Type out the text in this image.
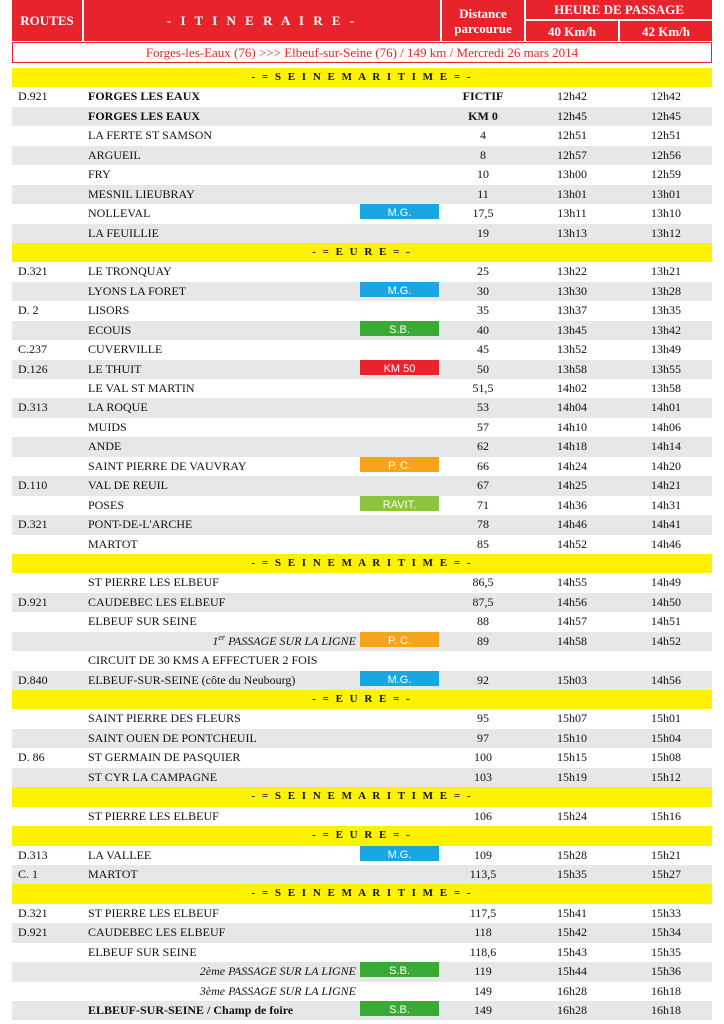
ROUTES	- I T I N E R A I R E -	Distance parcourue
HEURE DE PASSAGE
40 Km/h	42 Km/h
Forges-les-Eaux (76) >>> Elbeuf-sur-Seine (76) / 149 km / Mercredi 26 mars 2014
- = S E I N E M A R I T I M E = -
D.921	FORGES LES EAUX	FICTIF	12h42	12h42
FORGES LES EAUX	KM 0	12h45	12h45
LA FERTE ST SAMSON	4	12h51	12h51
ARGUEIL	8	12h57	12h56
FRY	10	13h00	12h59
MESNIL LIEUBRAY	11	13h01	13h01
NOLLEVAL	M.G.	17,5	13h11	13h10
LA FEUILLIE	19	13h13	13h12
- = E U R E = -
D.321	LE TRONQUAY	25	13h22	13h21
LYONS LA FORET	M.G.	30	13h30	13h28
D. 2	LISORS	35	13h37	13h35
ECOUIS	S.B.	40	13h45	13h42
C.237	CUVERVILLE	45	13h52	13h49
D.126	LE THUIT	KM 50	50	13h58	13h55
LE VAL ST MARTIN	51,5	14h02	13h58
D.313	LA ROQUE	53	14h04	14h01
MUIDS	57	14h10	14h06
ANDE	62	14h18	14h14
SAINT PIERRE DE VAUVRAY	P. C.	66	14h24	14h20
D.110	VAL DE REUIL	67	14h25	14h21
POSES	RAVIT.	71	14h36	14h31
D.321	PONT-DE-L'ARCHE	78	14h46	14h41
MARTOT	85	14h52	14h46
- = S E I N E M A R I T I M E = -
ST PIERRE LES ELBEUF	86,5	14h55	14h49
D.921	CAUDEBEC LES ELBEUF	87,5	14h56	14h50
ELBEUF SUR SEINE	88	14h57	14h51
1er PASSAGE SUR LA LIGNE	P. C.	89	14h58	14h52
CIRCUIT DE 30 KMS A EFFECTUER 2 FOIS
D.840	ELBEUF-SUR-SEINE (côte du Neubourg)	M.G.	92	15h03	14h56
- = E U R E = -
SAINT PIERRE DES FLEURS	95	15h07	15h01
SAINT OUEN DE PONTCHEUIL	97	15h10	15h04
D. 86	ST GERMAIN DE PASQUIER	100	15h15	15h08
ST CYR LA CAMPAGNE	103	15h19	15h12
- = S E I N E M A R I T I M E = -
ST PIERRE LES ELBEUF	106	15h24	15h16
- = E U R E = -
D.313	LA VALLEE	M.G.	109	15h28	15h21
C. 1	MARTOT	113,5	15h35	15h27
- = S E I N E M A R I T I M E = -
D.321	ST PIERRE LES ELBEUF	117,5	15h41	15h33
D.921	CAUDEBEC LES ELBEUF	118	15h42	15h34
ELBEUF SUR SEINE	118,6	15h43	15h35
2ème PASSAGE SUR LA LIGNE	S.B.	119	15h44	15h36
3ème PASSAGE SUR LA LIGNE	149	16h28	16h18
ELBEUF-SUR-SEINE / Champ de foire	S.B.	149	16h28	16h18
